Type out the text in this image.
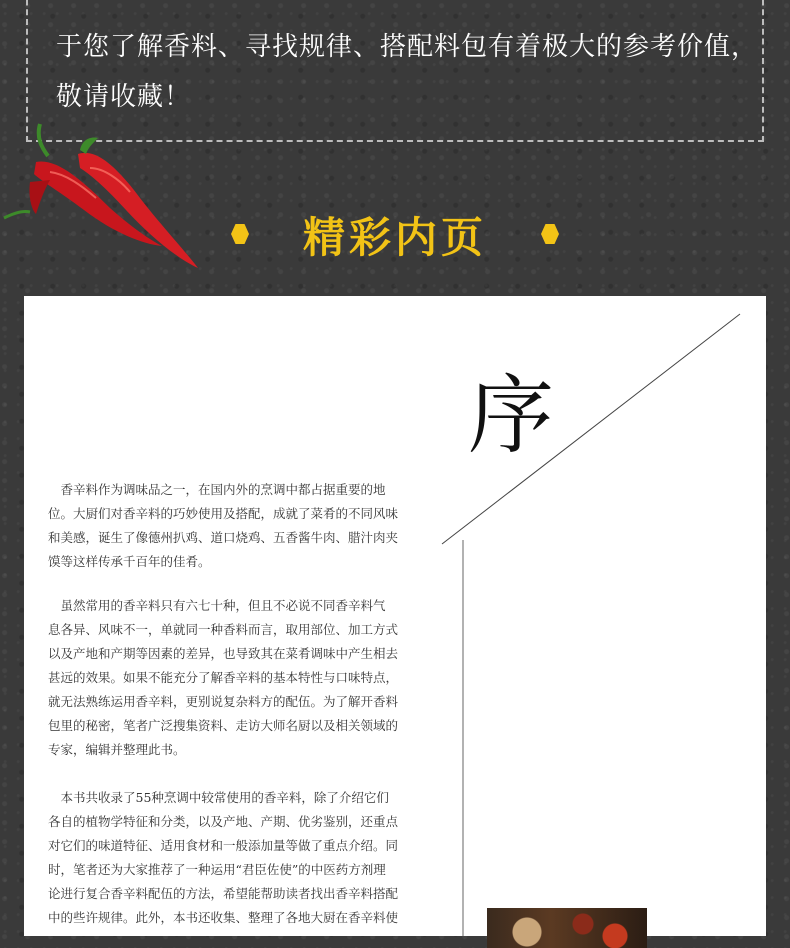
于您了解香料、寻找规律、搭配料包有着极大的参考价值，
敬请收藏！
精彩内页
序
　香辛料作为调味品之一，在国内外的烹调中都占据重要的地
位。大厨们对香辛料的巧妙使用及搭配，成就了菜肴的不同风味
和美感，诞生了像德州扒鸡、道口烧鸡、五香酱牛肉、腊汁肉夹
馍等这样传承千百年的佳肴。
　虽然常用的香辛料只有六七十种，但且不必说不同香辛料气
息各异、风味不一，单就同一种香料而言，取用部位、加工方式
以及产地和产期等因素的差异，也导致其在菜肴调味中产生相去
甚远的效果。如果不能充分了解香辛料的基本特性与口味特点，
就无法熟练运用香辛料，更别说复杂料方的配伍。为了解开香料
包里的秘密，笔者广泛搜集资料、走访大师名厨以及相关领域的
专家，编辑并整理此书。
　本书共收录了55种烹调中较常使用的香辛料，除了介绍它们
各自的植物学特征和分类，以及产地、产期、优劣鉴别，还重点
对它们的味道特征、适用食材和一般添加量等做了重点介绍。同
时，笔者还为大家推荐了一种运用“君臣佐使”的中医药方剂理
论进行复合香辛料配伍的方法，希望能帮助读者找出香辛料搭配
中的些许规律。此外，本书还收集、整理了各地大厨在香辛料使
